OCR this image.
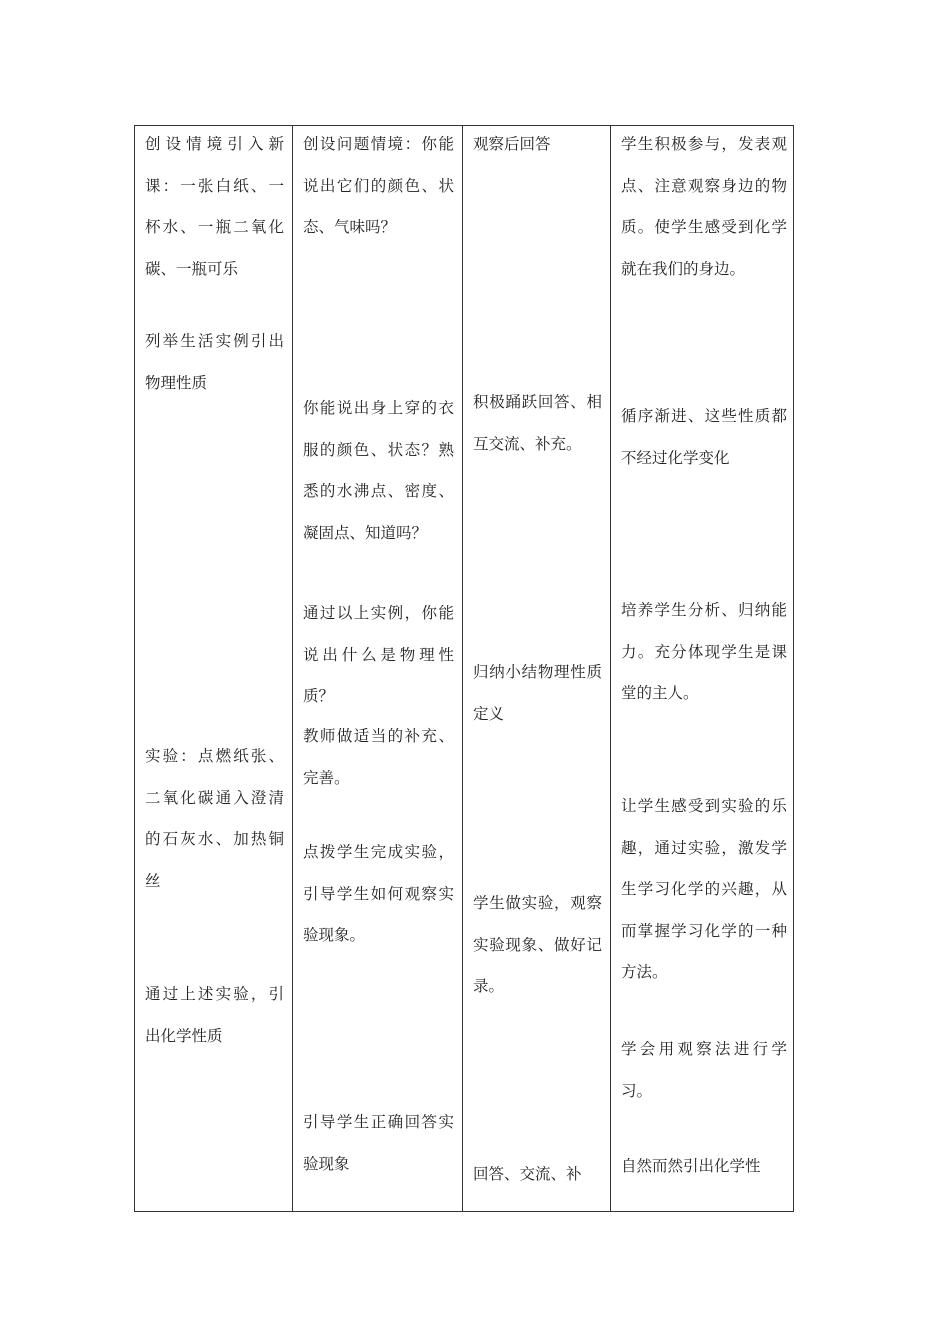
创设情境引入新课：一张白纸、一杯水、一瓶二氧化碳、一瓶可乐

列举生活实例引出物理性质

实验：点燃纸张、二氧化碳通入澄清的石灰水、加热铜丝

通过上述实验，引出化学性质

创设问题情境：你能说出它们的颜色、状态、气味吗？

你能说出身上穿的衣服的颜色、状态？熟悉的水沸点、密度、凝固点、知道吗？

通过以上实例，你能说出什么是物理性质？

教师做适当的补充、完善。

点拨学生完成实验，引导学生如何观察实验现象。

引导学生正确回答实验现象

观察后回答

积极踊跃回答、相互交流、补充。

归纳小结物理性质定义

学生做实验，观察实验现象、做好记录。

回答、交流、补

学生积极参与，发表观点、注意观察身边的物质。使学生感受到化学就在我们的身边。

循序渐进、这些性质都不经过化学变化

培养学生分析、归纳能力。充分体现学生是课堂的主人。

让学生感受到实验的乐趣，通过实验，激发学生学习化学的兴趣，从而掌握学习化学的一种方法。

学会用观察法进行学习。

自然而然引出化学性
